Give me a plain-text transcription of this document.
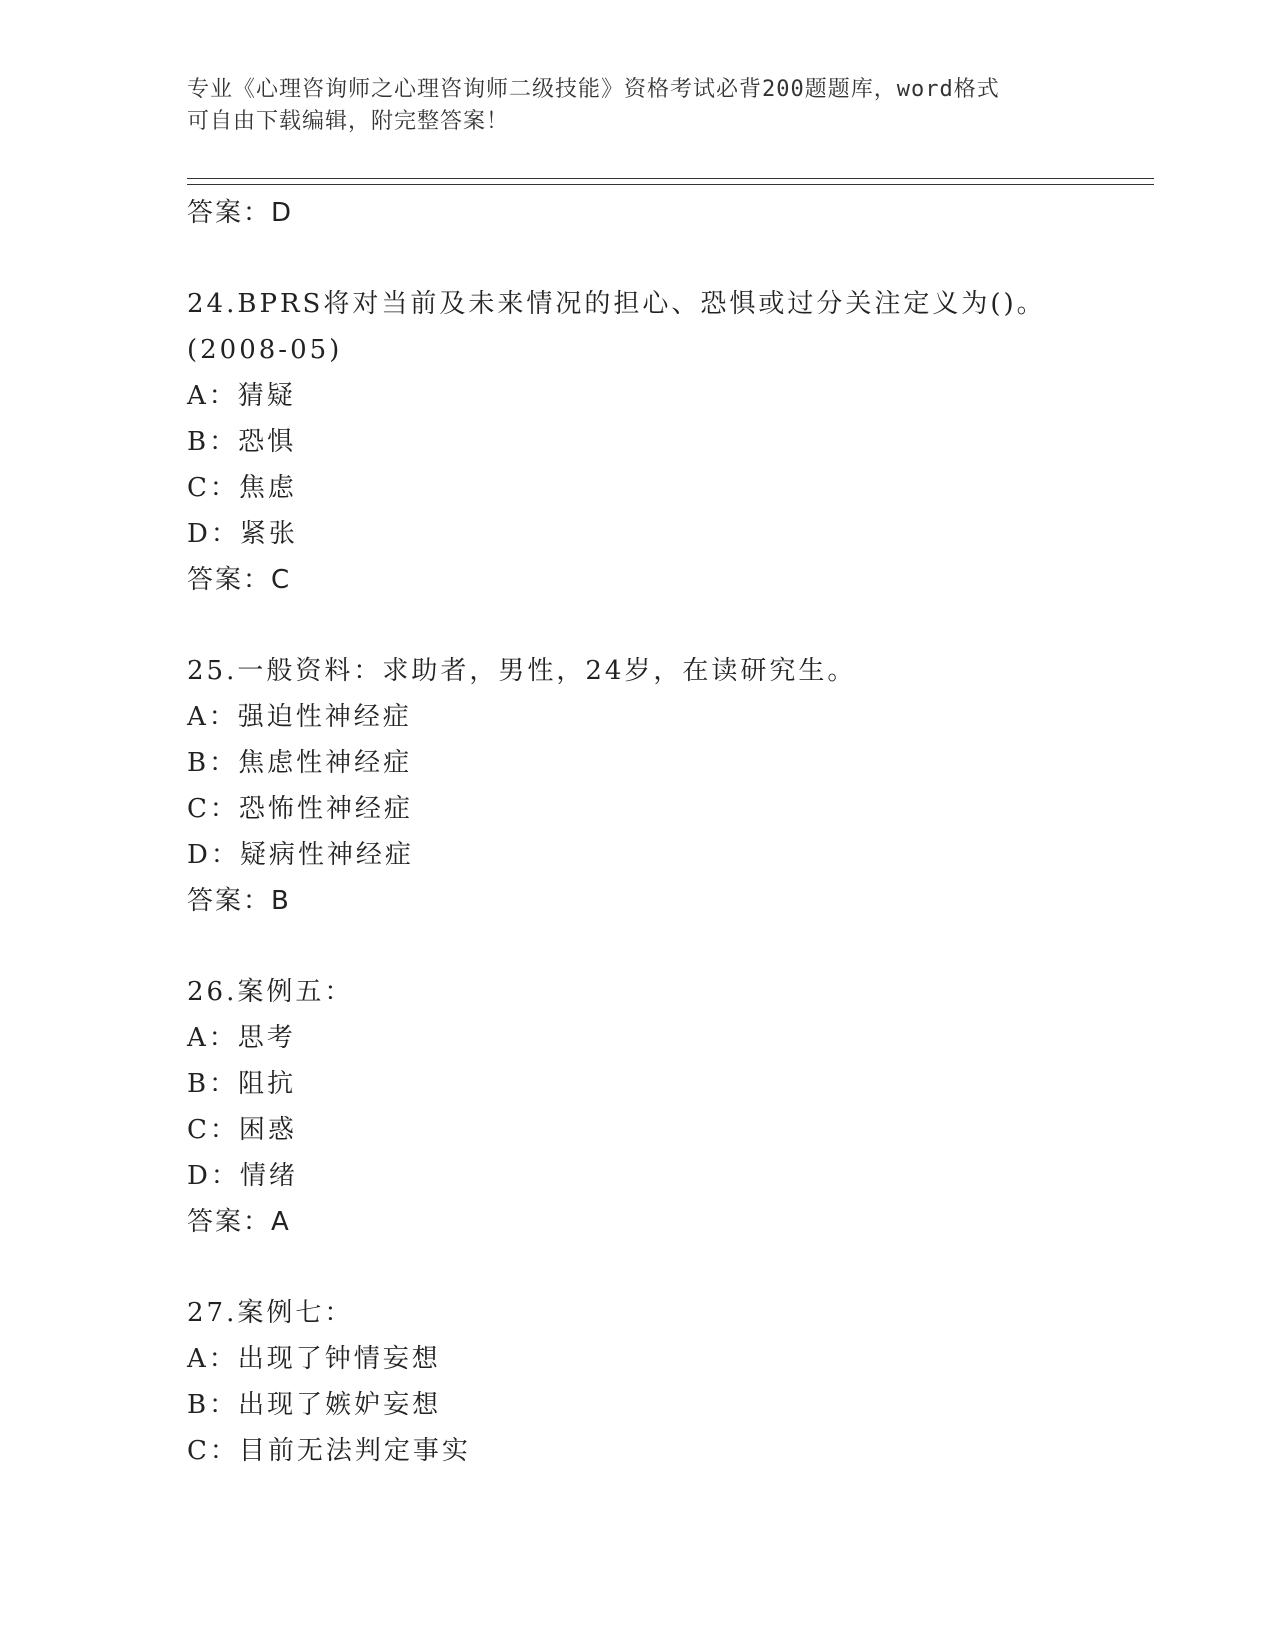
专业《心理咨询师之心理咨询师二级技能》资格考试必背200题题库，word格式
可自由下载编辑，附完整答案！
答案：D
24.BPRS将对当前及未来情况的担心、恐惧或过分关注定义为()。
(2008-05)
A：猜疑
B：恐惧
C：焦虑
D：紧张
答案：C
25.一般资料：求助者，男性，24岁，在读研究生。
A：强迫性神经症
B：焦虑性神经症
C：恐怖性神经症
D：疑病性神经症
答案：B
26.案例五：
A：思考
B：阻抗
C：困惑
D：情绪
答案：A
27.案例七：
A：出现了钟情妄想
B：出现了嫉妒妄想
C：目前无法判定事实
